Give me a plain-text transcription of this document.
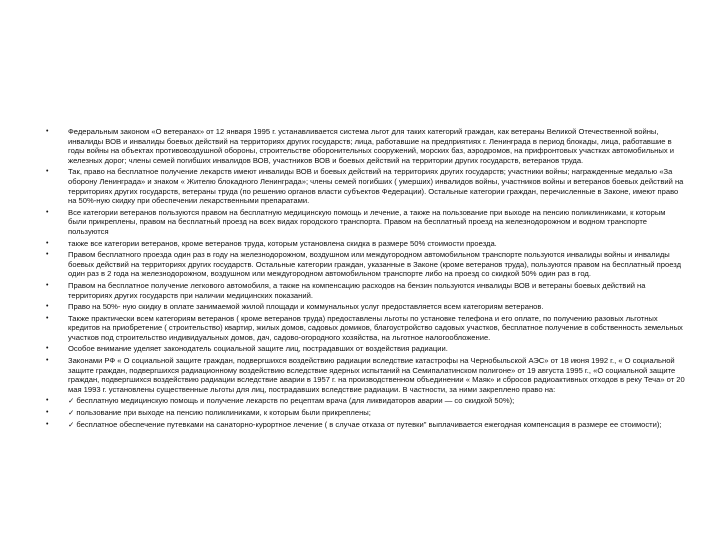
•	Федеральным законом «О ветеранах» от 12 января 1995 г. устанавливается система льгот для таких категорий граждан, как ветераны Великой Отечественной войны, инвалиды ВОВ и инвалиды боевых действий на территориях других государств; лица, работавшие на предприятиях г. Ленинграда в период блокады, лица, работавшие в годы войны на объектах противовоздушной обороны, строительстве оборонительных сооружений, морских баз, аэродромов, на прифронтовых участках автомобильных и железных дорог; члены семей погибших инвалидов ВОВ, участников ВОВ и боевых действий на территории других государств, ветеранов труда.
•	Так, право на бесплатное получение лекарств имеют инвалиды ВОВ и боевых действий на территориях других государств; участники войны; награжденные медалью «За оборону Ленинграда» и знаком « Жителю блокадного Ленинграда»; члены семей погибших ( умерших) инвалидов войны, участников войны и ветеранов боевых действий на территориях других государств, ветераны труда (по решению органов власти субъектов Федерации). Остальные категории граждан, перечисленные в Законе, имеют право на 50%-ную скидку при обеспечении лекарственными препаратами.
•	Все категории ветеранов пользуются правом на бесплатную медицинскую помощь и лечение, а также на пользование при выходе на пенсию поликлиниками, к которым были прикреплены, правом на бесплатный проезд на всех видах городского транспорта. Правом на бесплатный проезд на железнодорожном и водном транспорте пользуются
•	также все категории ветеранов, кроме ветеранов труда, которым установлена скидка в размере 50% стоимости проезда.
•	Правом бесплатного проезда один раз в году на железнодорожном, воздушном или междугородном автомобильном транспорте пользуются инвалиды войны и инвалиды боевых действий на территориях других государств. Остальные категории граждан, указанные в Законе (кроме ветеранов труда), пользуются правом на бесплатный проезд один раз в 2 года на железнодорожном, воздушном или междугородном автомобильном транспорте либо на проезд со скидкой 50% один раз в год.
•	Правом на бесплатное получение легкового автомобиля, а также на компенсацию расходов на бензин пользуются инвалиды ВОВ и ветераны боевых действий на территориях других государств при наличии медицинских показаний.
•	Право на 50%- ную скидку в оплате занимаемой жилой площади и коммунальных услуг предоставляется всем категориям ветеранов.
•	Также практически всем категориям ветеранов ( кроме ветеранов труда) предоставлены льготы по установке телефона и его оплате, по получению разовых льготных кредитов на приобретение ( строительство) квартир, жилых домов, садовых домиков, благоустройство садовых участков, бесплатное получение в собственность земельных участков под строительство индивидуальных домов, дач, садово-огородного хозяйства, на льготное налогообложение.
•	Особое внимание уделяет законодатель социальной защите лиц, пострадавших от воздействия радиации.
•	Законами РФ « О социальной защите граждан, подвергшихся воздействию радиации вследствие катастрофы на Чернобыльской АЭС» от 18 июня 1992 г., « О социальной защите граждан, подвергшихся радиационному воздействию вследствие ядерных испытаний на Семипалатинском полигоне» от 19 августа 1995 г., «О социальной защите граждан, подвергшихся воздействию радиации вследствие аварии в 1957 г. на производственном объединении « Маяк» и сбросов радиоактивных отходов в реку Теча» от 20 мая 1993 г. установлены существенные льготы для лиц, пострадавших вследствие радиации. В частности, за ними закреплено право на:
•	✓ бесплатную медицинскую помощь и получение лекарств по рецептам врача (для ликвидаторов аварии — со скидкой 50%);
•	✓ пользование при выходе на пенсию поликлиниками, к которым были прикреплены;
•	✓ бесплатное обеспечение путевками на санаторно-курортное лечение ( в случае отказа от путевки" выплачивается ежегодная компенсация в размере ее стоимости);
